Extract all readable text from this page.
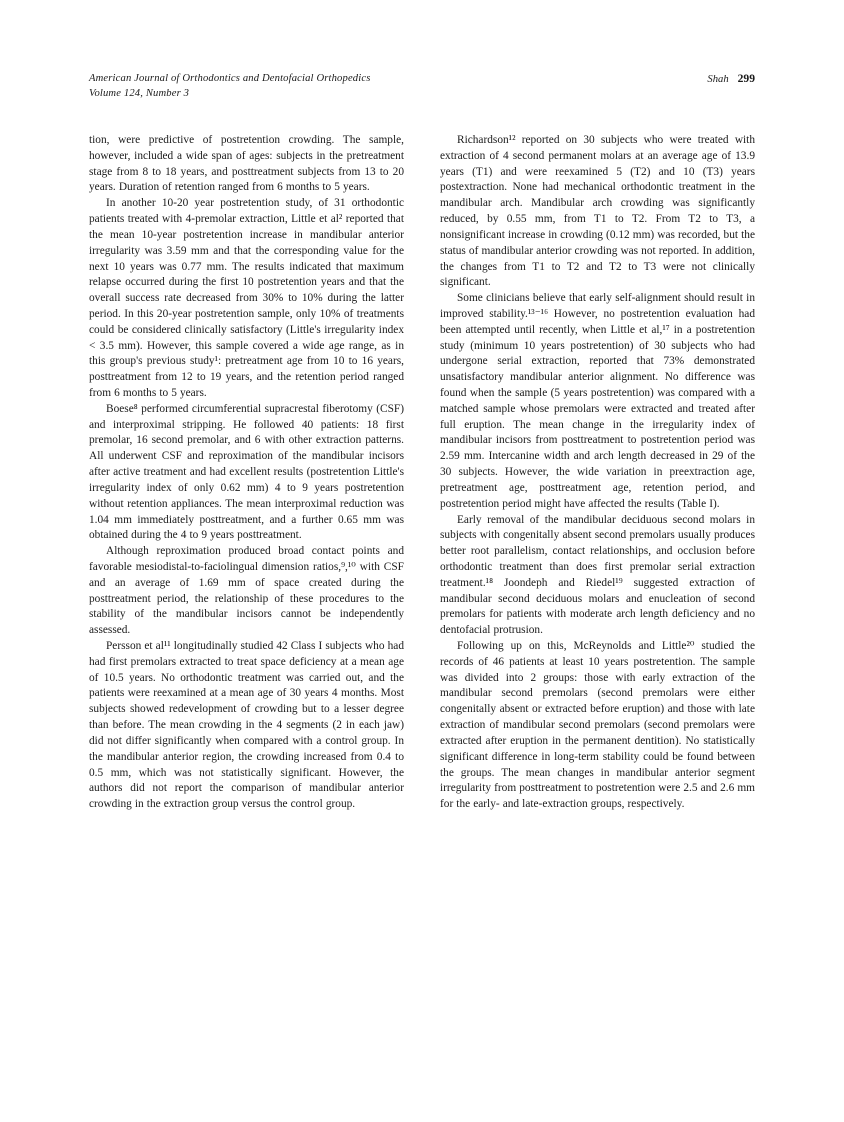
American Journal of Orthodontics and Dentofacial Orthopedics
Volume 124, Number 3
Shah 299

tion, were predictive of postretention crowding. The sample, however, included a wide span of ages: subjects in the pretreatment stage from 8 to 18 years, and posttreatment subjects from 13 to 20 years. Duration of retention ranged from 6 months to 5 years.

In another 10-20 year postretention study, of 31 orthodontic patients treated with 4-premolar extraction, Little et al² reported that the mean 10-year postretention increase in mandibular anterior irregularity was 3.59 mm and that the corresponding value for the next 10 years was 0.77 mm. The results indicated that maximum relapse occurred during the first 10 postretention years and that the overall success rate decreased from 30% to 10% during the latter period. In this 20-year postretention sample, only 10% of treatments could be considered clinically satisfactory (Little's irregularity index < 3.5 mm). However, this sample covered a wide age range, as in this group's previous study¹: pretreatment age from 10 to 16 years, posttreatment from 12 to 19 years, and the retention period ranged from 6 months to 5 years.

Boese⁸ performed circumferential supracrestal fiberotomy (CSF) and interproximal stripping. He followed 40 patients: 18 first premolar, 16 second premolar, and 6 with other extraction patterns. All underwent CSF and reproximation of the mandibular incisors after active treatment and had excellent results (postretention Little's irregularity index of only 0.62 mm) 4 to 9 years postretention without retention appliances. The mean interproximal reduction was 1.04 mm immediately posttreatment, and a further 0.65 mm was obtained during the 4 to 9 years posttreatment.

Although reproximation produced broad contact points and favorable mesiodistal-to-faciolingual dimension ratios,⁹,¹⁰ with CSF and an average of 1.69 mm of space created during the posttreatment period, the relationship of these procedures to the stability of the mandibular incisors cannot be independently assessed.

Persson et al¹¹ longitudinally studied 42 Class I subjects who had had first premolars extracted to treat space deficiency at a mean age of 10.5 years. No orthodontic treatment was carried out, and the patients were reexamined at a mean age of 30 years 4 months. Most subjects showed redevelopment of crowding but to a lesser degree than before. The mean crowding in the 4 segments (2 in each jaw) did not differ significantly when compared with a control group. In the mandibular anterior region, the crowding increased from 0.4 to 0.5 mm, which was not statistically significant. However, the authors did not report the comparison of mandibular anterior crowding in the extraction group versus the control group.

Richardson¹² reported on 30 subjects who were treated with extraction of 4 second permanent molars at an average age of 13.9 years (T1) and were reexamined 5 (T2) and 10 (T3) years postextraction. None had mechanical orthodontic treatment in the mandibular arch. Mandibular arch crowding was significantly reduced, by 0.55 mm, from T1 to T2. From T2 to T3, a nonsignificant increase in crowding (0.12 mm) was recorded, but the status of mandibular anterior crowding was not reported. In addition, the changes from T1 to T2 and T2 to T3 were not clinically significant.

Some clinicians believe that early self-alignment should result in improved stability.¹³⁻¹⁶ However, no postretention evaluation had been attempted until recently, when Little et al,¹⁷ in a postretention study (minimum 10 years postretention) of 30 subjects who had undergone serial extraction, reported that 73% demonstrated unsatisfactory mandibular anterior alignment. No difference was found when the sample (5 years postretention) was compared with a matched sample whose premolars were extracted and treated after full eruption. The mean change in the irregularity index of mandibular incisors from posttreatment to postretention period was 2.59 mm. Intercanine width and arch length decreased in 29 of the 30 subjects. However, the wide variation in preextraction age, pretreatment age, posttreatment age, retention period, and postretention period might have affected the results (Table I).

Early removal of the mandibular deciduous second molars in subjects with congenitally absent second premolars usually produces better root parallelism, contact relationships, and occlusion before orthodontic treatment than does first premolar serial extraction treatment.¹⁸ Joondeph and Riedel¹⁹ suggested extraction of mandibular second deciduous molars and enucleation of second premolars for patients with moderate arch length deficiency and no dentofacial protrusion.

Following up on this, McReynolds and Little²⁰ studied the records of 46 patients at least 10 years postretention. The sample was divided into 2 groups: those with early extraction of the mandibular second premolars (second premolars were either congenitally absent or extracted before eruption) and those with late extraction of mandibular second premolars (second premolars were extracted after eruption in the permanent dentition). No statistically significant difference in long-term stability could be found between the groups. The mean changes in mandibular anterior segment irregularity from posttreatment to postretention were 2.5 and 2.6 mm for the early- and late-extraction groups, respectively.
